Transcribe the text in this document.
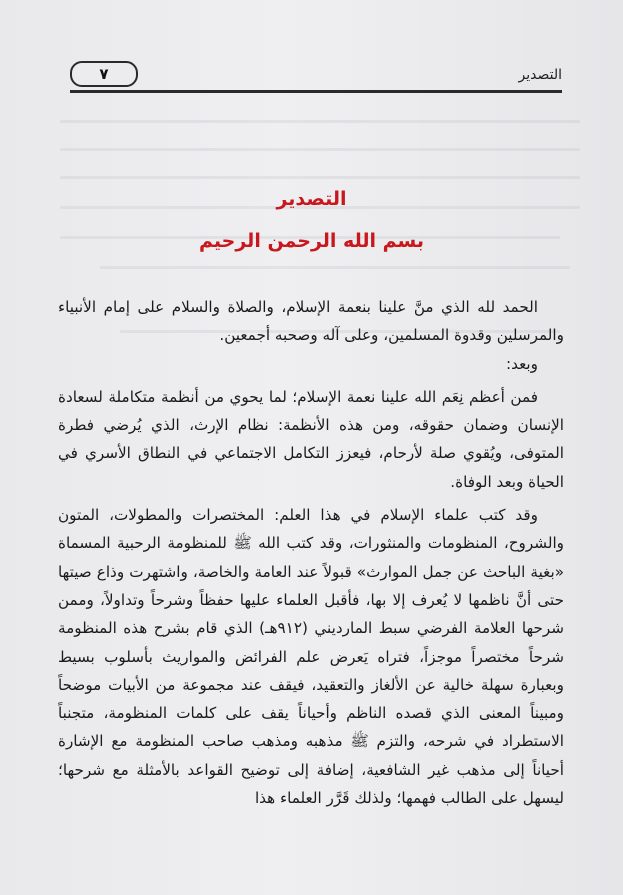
التصدير
٧
التصدير
بسم الله الرحمن الرحيم

الحمد لله الذي منَّ علينا بنعمة الإسلام، والصلاة والسلام على إمام الأنبياء والمرسلين وقدوة المسلمين، وعلى آله وصحبه أجمعين.

وبعد:

فمن أعظم نِعَم الله علينا نعمة الإسلام؛ لما يحوي من أنظمة متكاملة لسعادة الإنسان وضمان حقوقه، ومن هذه الأنظمة: نظام الإرث، الذي يُرضي فطرة المتوفى، ويُقوي صلة لأرحام، فيعزز التكامل الاجتماعي في النطاق الأسري في الحياة وبعد الوفاة.

وقد كتب علماء الإسلام في هذا العلم: المختصرات والمطولات، المتون والشروح، المنظومات والمنثورات، وقد كتب الله ﷺ للمنظومة الرحبية المسماة «بغية الباحث عن جمل الموارث» قبولاً عند العامة والخاصة، واشتهرت وذاع صيتها حتى أنَّ ناظمها لا يُعرف إلا بها، فأقبل العلماء عليها حفظاً وشرحاً وتداولاً، وممن شرحها العلامة الفرضي سبط المارديني (٩١٢هـ) الذي قام بشرح هذه المنظومة شرحاً مختصراً موجزاً، فتراه يَعرض علم الفرائض والمواريث بأسلوب بسيط وبعبارة سهلة خالية عن الألغاز والتعقيد، فيقف عند مجموعة من الأبيات موضحاً ومبيناً المعنى الذي قصده الناظم وأحياناً يقف على كلمات المنظومة، متجنباً الاستطراد في شرحه، والتزم ﷺ مذهبه ومذهب صاحب المنظومة مع الإشارة أحياناً إلى مذهب غير الشافعية، إضافة إلى توضيح القواعد بالأمثلة مع شرحها؛ ليسهل على الطالب فهمها؛ ولذلك قَرَّر العلماء هذا
